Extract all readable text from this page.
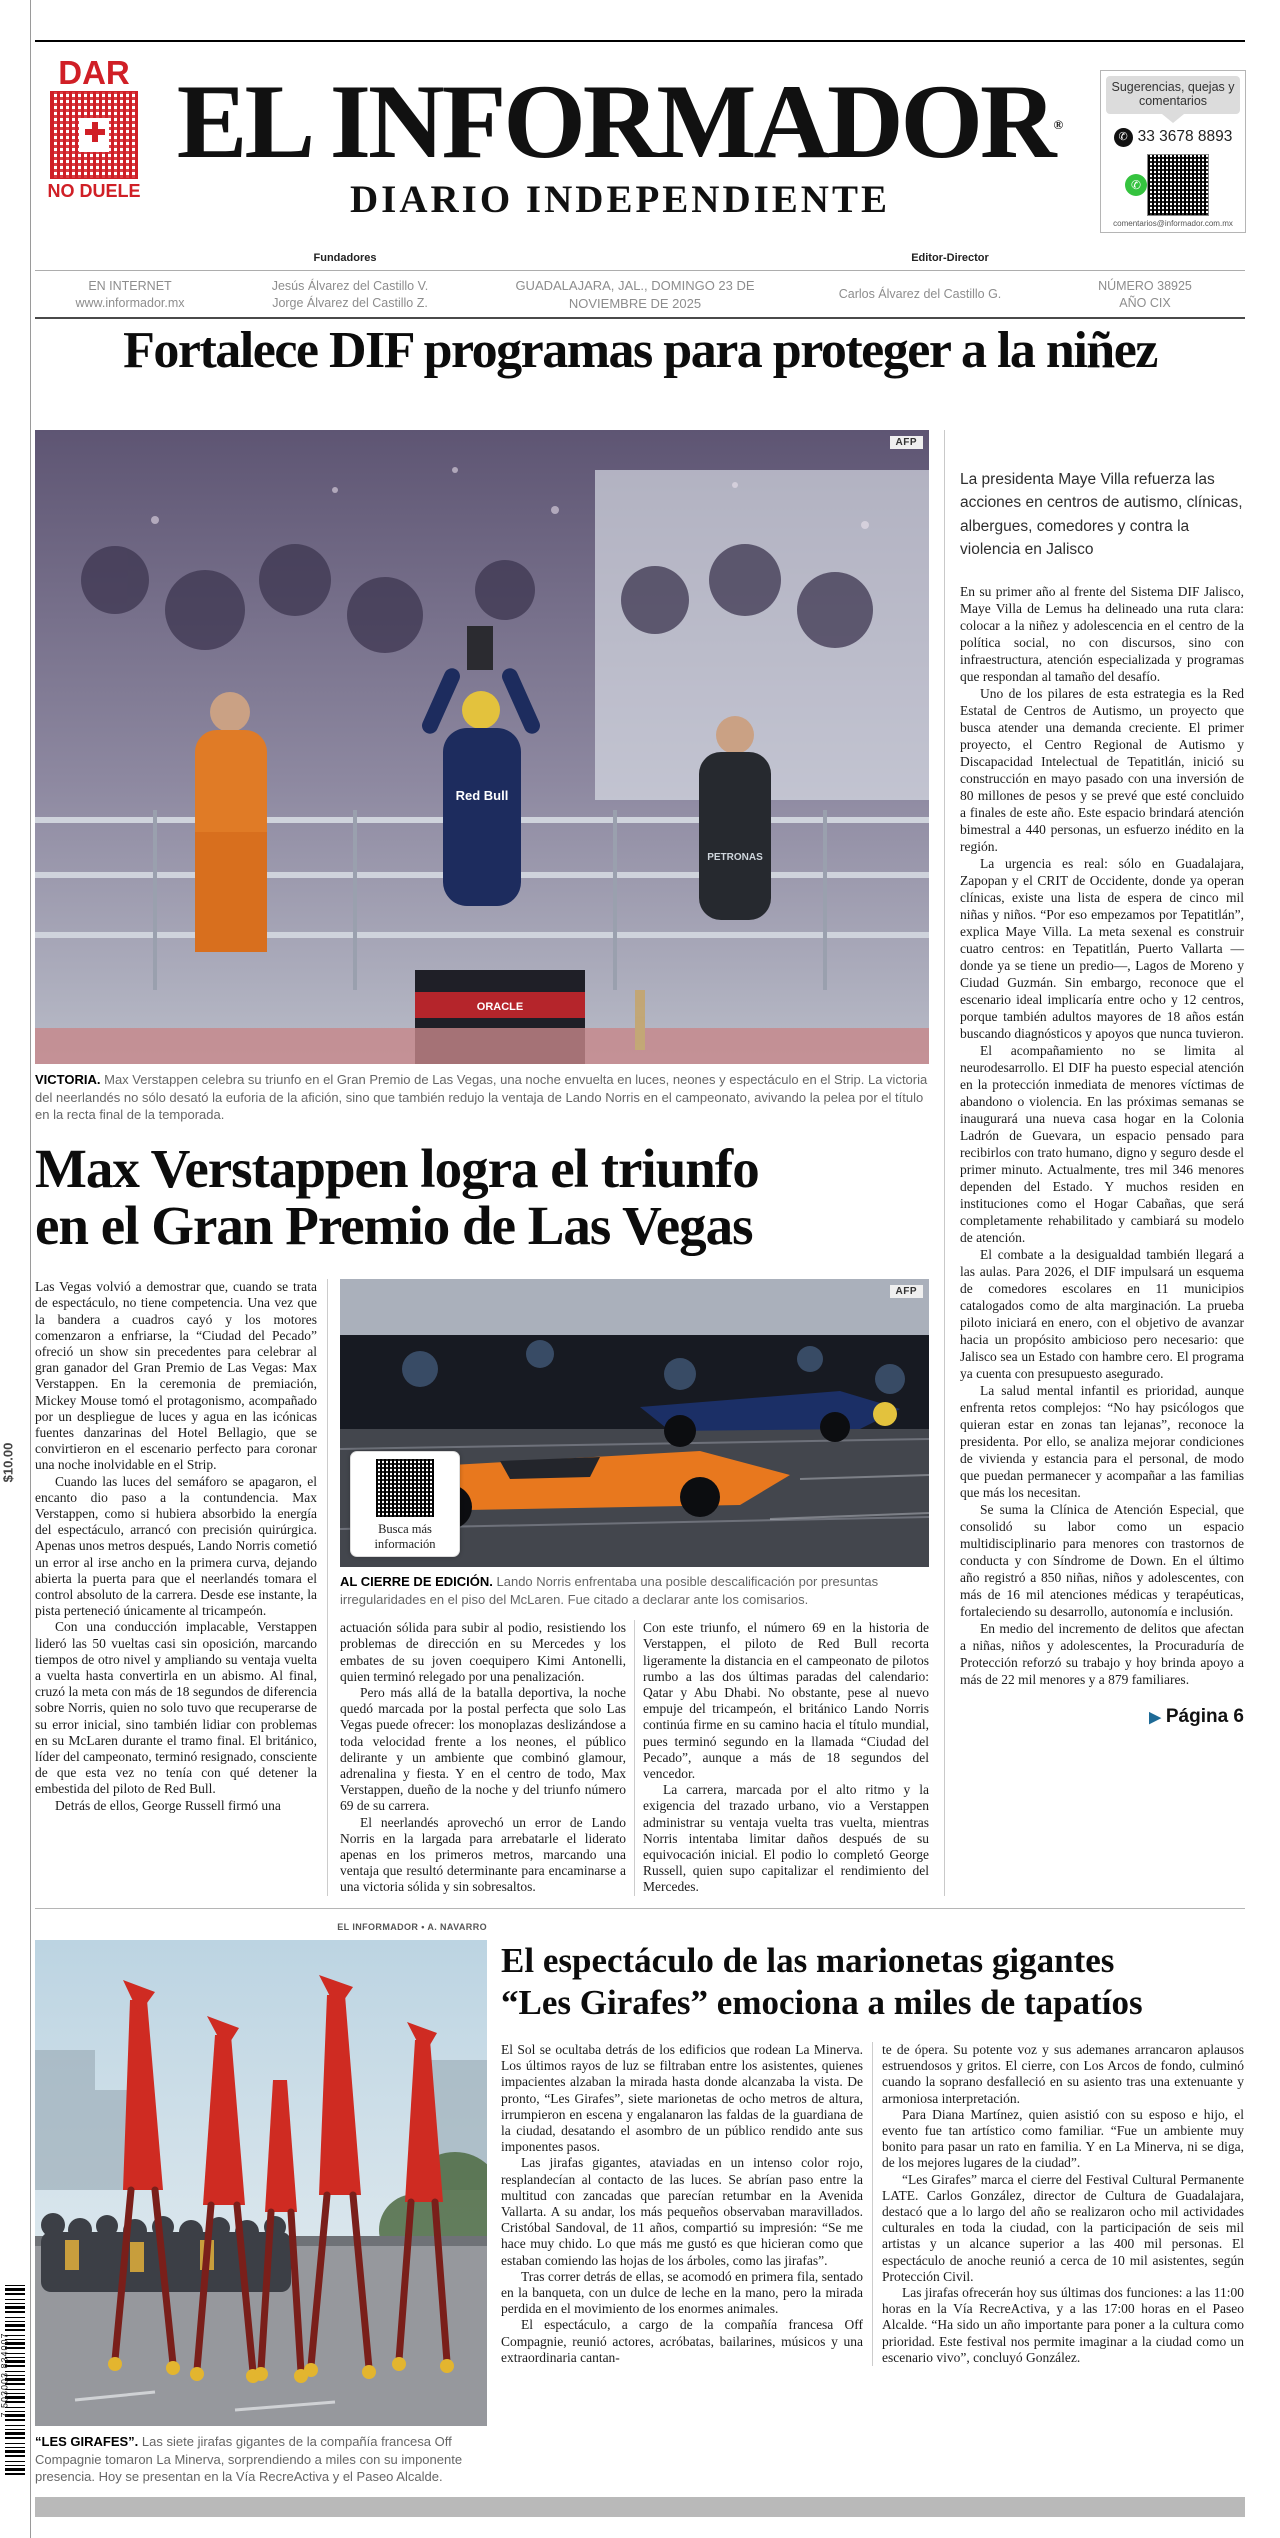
$10.00
7 503003 834007
DAR
NO DUELE
EL INFORMADOR®
DIARIO INDEPENDIENTE
Sugerencias, quejas y comentarios
✆ 33 3678 8893
✆
comentarios@informador.com.mx
Fundadores	Editor-Director
EN INTERNET
www.informador.mx
Jesús Álvarez del Castillo V.
Jorge Álvarez del Castillo Z.
GUADALAJARA, JAL., DOMINGO 23 DE NOVIEMBRE DE 2025
Carlos Álvarez del Castillo G.
NÚMERO 38925
AÑO CIX
Fortalece DIF programas para proteger a la niñez
Red Bull
PETRONAS
ORACLE
AFP
VICTORIA. Max Verstappen celebra su triunfo en el Gran Premio de Las Vegas, una noche envuelta en luces, neones y espectáculo en el Strip. La victoria del neerlandés no sólo desató la euforia de la afición, sino que también redujo la ventaja de Lando Norris en el campeonato, avivando la pelea por el título en la recta final de la temporada.
Max Verstappen logra el triunfo
en el Gran Premio de Las Vegas

Las Vegas volvió a demostrar que, cuando se trata de espectáculo, no tiene competencia. Una vez que la bandera a cuadros cayó y los motores comenzaron a enfriarse, la “Ciudad del Pecado” ofreció un show sin precedentes para celebrar al gran ganador del Gran Premio de Las Vegas: Max Verstappen. En la ceremonia de premiación, Mickey Mouse tomó el protagonismo, acompañado por un despliegue de luces y agua en las icónicas fuentes danzarinas del Hotel Bellagio, que se convirtieron en el escenario perfecto para coronar una noche inolvidable en el Strip.

Cuando las luces del semáforo se apagaron, el encanto dio paso a la contundencia. Max Verstappen, como si hubiera absorbido la energía del espectáculo, arrancó con precisión quirúrgica. Apenas unos metros después, Lando Norris cometió un error al irse ancho en la primera curva, dejando abierta la puerta para que el neerlandés tomara el control absoluto de la carrera. Desde ese instante, la pista perteneció únicamente al tricampeón.

Con una conducción implacable, Verstappen lideró las 50 vueltas casi sin oposición, marcando tiempos de otro nivel y ampliando su ventaja vuelta a vuelta hasta convertirla en un abismo. Al final, cruzó la meta con más de 18 segundos de diferencia sobre Norris, quien no solo tuvo que recuperarse de su error inicial, sino también lidiar con problemas en su McLaren durante el tramo final. El británico, líder del campeonato, terminó resignado, consciente de que esta vez no tenía con qué detener la embestida del piloto de Red Bull.

Detrás de ellos, George Russell firmó una

AFP
Busca más información
AL CIERRE DE EDICIÓN. Lando Norris enfrentaba una posible descalificación por presuntas irregularidades en el piso del McLaren. Fue citado a declarar ante los comisarios.

actuación sólida para subir al podio, resistiendo los problemas de dirección en su Mercedes y los embates de su joven coequipero Kimi Antonelli, quien terminó relegado por una penalización.

Pero más allá de la batalla deportiva, la noche quedó marcada por la postal perfecta que solo Las Vegas puede ofrecer: los monoplazas deslizándose a toda velocidad frente a los neones, el público delirante y un ambiente que combinó glamour, adrenalina y fiesta. Y en el centro de todo, Max Verstappen, dueño de la noche y del triunfo número 69 de su carrera.

El neerlandés aprovechó un error de Lando Norris en la largada para arrebatarle el liderato apenas en los primeros metros, marcando una ventaja que resultó determinante para encaminarse a una victoria sólida y sin sobresaltos.

Con este triunfo, el número 69 en la historia de Verstappen, el piloto de Red Bull recorta ligeramente la distancia en el campeonato de pilotos rumbo a las dos últimas paradas del calendario: Qatar y Abu Dhabi. No obstante, pese al nuevo empuje del tricampeón, el británico Lando Norris continúa firme en su camino hacia el título mundial, pues terminó segundo en la llamada “Ciudad del Pecado”, aunque a más de 18 segundos del vencedor.

La carrera, marcada por el alto ritmo y la exigencia del trazado urbano, vio a Verstappen administrar su ventaja vuelta tras vuelta, mientras Norris intentaba limitar daños después de su equivocación inicial. El podio lo completó George Russell, quien supo capitalizar el rendimiento del Mercedes.

La presidenta Maye Villa refuerza las acciones en centros de autismo, clínicas, albergues, comedores y contra la violencia en Jalisco

En su primer año al frente del Sistema DIF Jalisco, Maye Villa de Lemus ha delineado una ruta clara: colocar a la niñez y adolescencia en el centro de la política social, no con discursos, sino con infraestructura, atención especializada y programas que respondan al tamaño del desafío.

Uno de los pilares de esta estrategia es la Red Estatal de Centros de Autismo, un proyecto que busca atender una demanda creciente. El primer proyecto, el Centro Regional de Autismo y Discapacidad Intelectual de Tepatitlán, inició su construcción en mayo pasado con una inversión de 80 millones de pesos y se prevé que esté concluido a finales de este año. Este espacio brindará atención bimestral a 440 personas, un esfuerzo inédito en la región.

La urgencia es real: sólo en Guadalajara, Zapopan y el CRIT de Occidente, donde ya operan clínicas, existe una lista de espera de cinco mil niñas y niños. “Por eso empezamos por Tepatitlán”, explica Maye Villa. La meta sexenal es construir cuatro centros: en Tepatitlán, Puerto Vallarta —donde ya se tiene un predio—, Lagos de Moreno y Ciudad Guzmán. Sin embargo, reconoce que el escenario ideal implicaría entre ocho y 12 centros, porque también adultos mayores de 18 años están buscando diagnósticos y apoyos que nunca tuvieron.

El acompañamiento no se limita al neurodesarrollo. El DIF ha puesto especial atención en la protección inmediata de menores víctimas de abandono o violencia. En las próximas semanas se inaugurará una nueva casa hogar en la Colonia Ladrón de Guevara, un espacio pensado para recibirlos con trato humano, digno y seguro desde el primer minuto. Actualmente, tres mil 346 menores dependen del Estado. Y muchos residen en instituciones como el Hogar Cabañas, que será completamente rehabilitado y cambiará su modelo de atención.

El combate a la desigualdad también llegará a las aulas. Para 2026, el DIF impulsará un esquema de comedores escolares en 11 municipios catalogados como de alta marginación. La prueba piloto iniciará en enero, con el objetivo de avanzar hacia un propósito ambicioso pero necesario: que Jalisco sea un Estado con hambre cero. El programa ya cuenta con presupuesto asegurado.

La salud mental infantil es prioridad, aunque enfrenta retos complejos: “No hay psicólogos que quieran estar en zonas tan lejanas”, reconoce la presidenta. Por ello, se analiza mejorar condiciones de vivienda y estancia para el personal, de modo que puedan permanecer y acompañar a las familias que más los necesitan.

Se suma la Clínica de Atención Especial, que consolidó su labor como un espacio multidisciplinario para menores con trastornos de conducta y con Síndrome de Down. En el último año registró a 850 niñas, niños y adolescentes, con más de 16 mil atenciones médicas y terapéuticas, fortaleciendo su desarrollo, autonomía e inclusión.

En medio del incremento de delitos que afectan a niñas, niños y adolescentes, la Procuraduría de Protección reforzó su trabajo y hoy brinda apoyo a más de 22 mil menores y a 879 familiares.

▶ Página 6
EL INFORMADOR • A. NAVARRO
“LES GIRAFES”. Las siete jirafas gigantes de la compañía francesa Off Compagnie tomaron La Minerva, sorprendiendo a miles con su imponente presencia. Hoy se presentan en la Vía RecreActiva y el Paseo Alcalde.
El espectáculo de las marionetas gigantes
“Les Girafes” emociona a miles de tapatíos

El Sol se ocultaba detrás de los edificios que rodean La Minerva. Los últimos rayos de luz se filtraban entre los asistentes, quienes impacientes alzaban la mirada hasta donde alcanzaba la vista. De pronto, “Les Girafes”, siete marionetas de ocho metros de altura, irrumpieron en escena y engalanaron las faldas de la guardiana de la ciudad, desatando el asombro de un público rendido ante sus imponentes pasos.

Las jirafas gigantes, ataviadas en un intenso color rojo, resplandecían al contacto de las luces. Se abrían paso entre la multitud con zancadas que parecían retumbar en la Avenida Vallarta. A su andar, los más pequeños observaban maravillados. Cristóbal Sandoval, de 11 años, compartió su impresión: “Se me hace muy chido. Lo que más me gustó es que hicieran como que estaban comiendo las hojas de los árboles, como las jirafas”.

Tras correr detrás de ellas, se acomodó en primera fila, sentado en la banqueta, con un dulce de leche en la mano, pero la mirada perdida en el movimiento de los enormes animales.

El espectáculo, a cargo de la compañía francesa Off Compagnie, reunió actores, acróbatas, bailarines, músicos y una extraordinaria cantan-

te de ópera. Su potente voz y sus ademanes arrancaron aplausos estruendosos y gritos. El cierre, con Los Arcos de fondo, culminó cuando la soprano desfalleció en su asiento tras una extenuante y armoniosa interpretación.

Para Diana Martínez, quien asistió con su esposo e hijo, el evento fue tan artístico como familiar. “Fue un ambiente muy bonito para pasar un rato en familia. Y en La Minerva, ni se diga, de los mejores lugares de la ciudad”.

“Les Girafes” marca el cierre del Festival Cultural Permanente LATE. Carlos González, director de Cultura de Guadalajara, destacó que a lo largo del año se realizaron ocho mil actividades culturales en toda la ciudad, con la participación de seis mil artistas y un alcance superior a las 400 mil personas. El espectáculo de anoche reunió a cerca de 10 mil asistentes, según Protección Civil.

Las jirafas ofrecerán hoy sus últimas dos funciones: a las 11:00 horas en la Vía RecreActiva, y a las 17:00 horas en el Paseo Alcalde. “Ha sido un año importante para poner a la cultura como prioridad. Este festival nos permite imaginar a la ciudad como un escenario vivo”, concluyó González.
